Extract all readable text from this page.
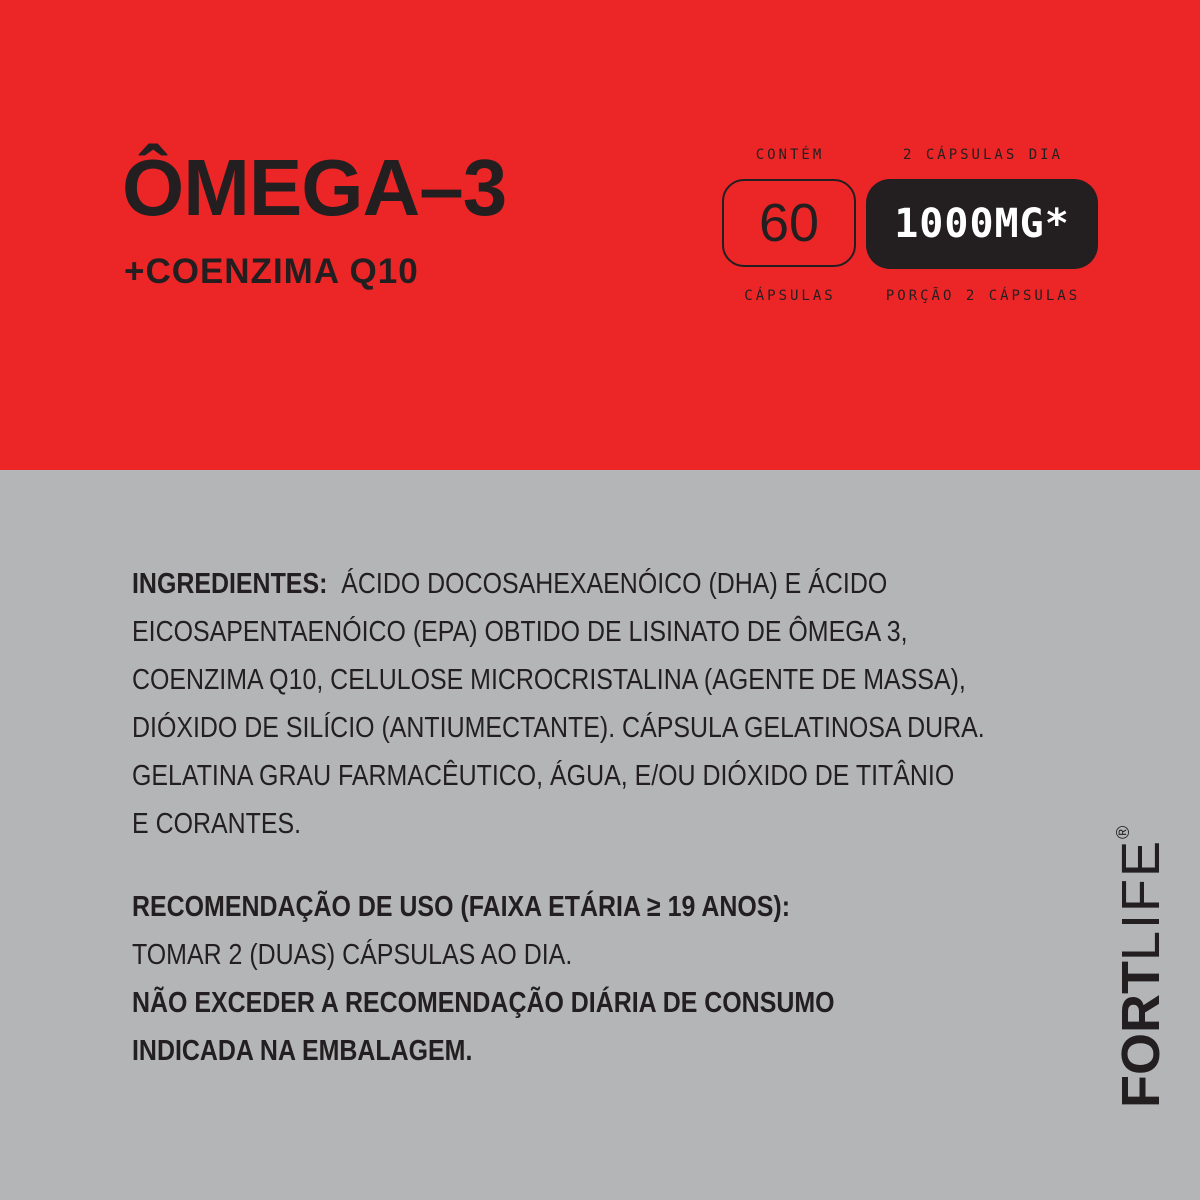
ÔMEGA–3
+COENZIMA Q10
CONTÉM	2 CÁPSULAS DIA
60	1000MG*
CÁPSULAS	PORÇÃO 2 CÁPSULAS
INGREDIENTES: ÁCIDO DOCOSAHEXAENÓICO (DHA) E ÁCIDO
EICOSAPENTAENÓICO (EPA) OBTIDO DE LISINATO DE ÔMEGA 3,
COENZIMA Q10, CELULOSE MICROCRISTALINA (AGENTE DE MASSA),
DIÓXIDO DE SILÍCIO (ANTIUMECTANTE). CÁPSULA GELATINOSA DURA.
GELATINA GRAU FARMACÊUTICO, ÁGUA, E/OU DIÓXIDO DE TITÂNIO
E CORANTES.
RECOMENDAÇÃO DE USO (FAIXA ETÁRIA ≥ 19 ANOS):
TOMAR 2 (DUAS) CÁPSULAS AO DIA.
NÃO EXCEDER A RECOMENDAÇÃO DIÁRIA DE CONSUMO
INDICADA NA EMBALAGEM.	FORTLIFE®
